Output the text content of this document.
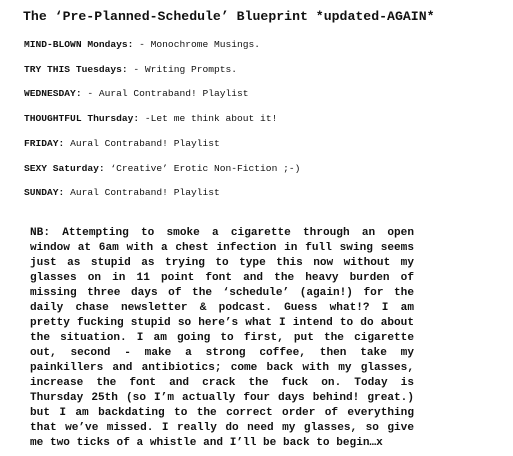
The ‘Pre-Planned-Schedule’ Blueprint *updated-AGAIN*
MIND-BLOWN Mondays: - Monochrome Musings.
TRY THIS Tuesdays: - Writing Prompts.
WEDNESDAY: - Aural Contraband! Playlist
THOUGHTFUL Thursday: -Let me think about it!
FRIDAY: Aural Contraband! Playlist
SEXY Saturday: ‘Creative’ Erotic Non-Fiction ;-)
SUNDAY: Aural Contraband! Playlist
NB: Attempting to smoke a cigarette through an open
window at 6am with a chest infection in full swing seems
just as stupid as trying to type this now without my
glasses on in 11 point font and the heavy burden of
missing three days of the ‘schedule’ (again!) for the
daily chase newsletter & podcast. Guess what!? I am
pretty fucking stupid so here’s what I intend to do about
the situation. I am going to first, put the cigarette
out, second - make a strong coffee, then take my
painkillers and antibiotics; come back with my glasses,
increase the font and crack the fuck on. Today is
Thursday 25th (so I’m actually four days behind! great.)
but I am backdating to the correct order of everything
that we’ve missed. I really do need my glasses, so give
me two ticks of a whistle and I’ll be back to begin…x
